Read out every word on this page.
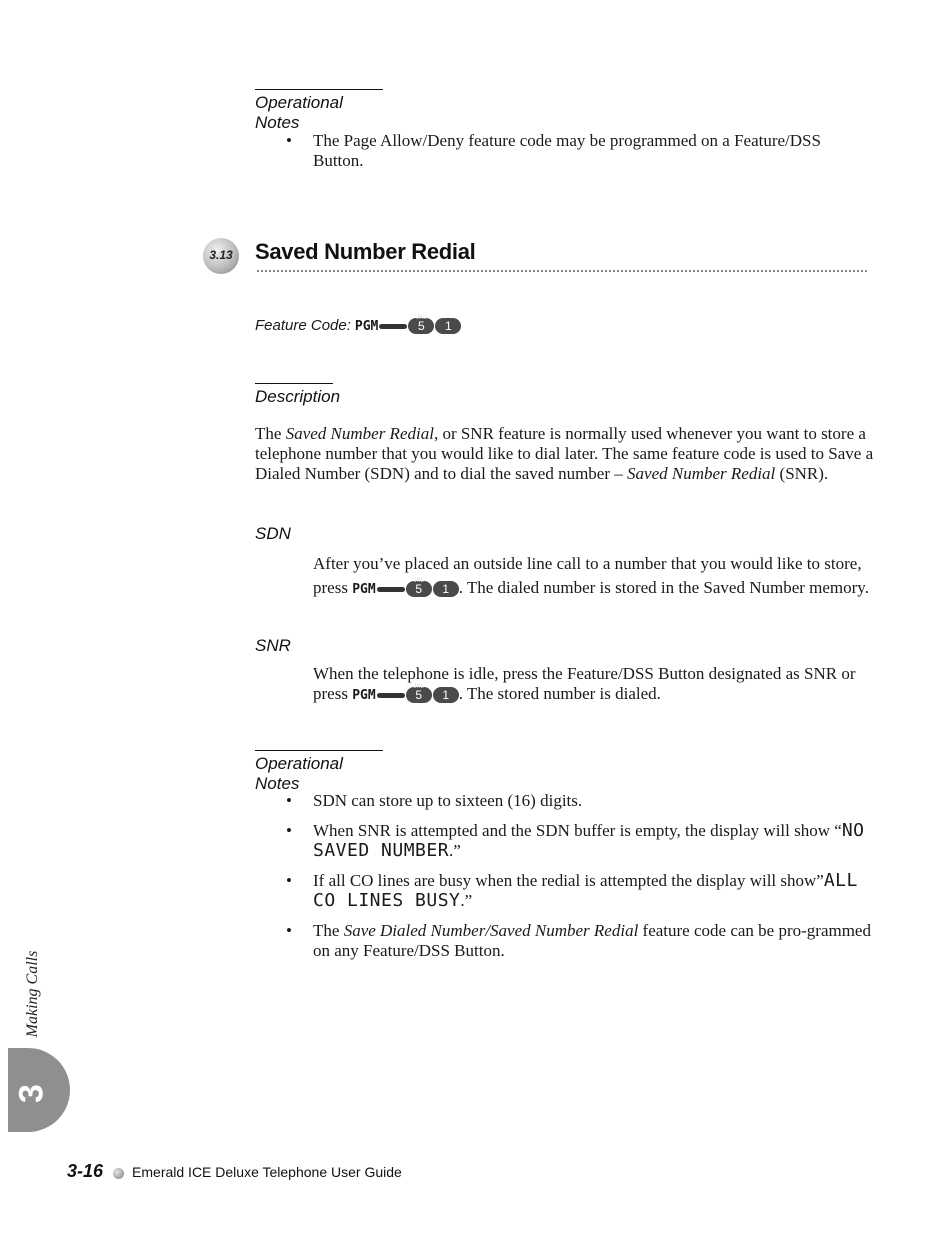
Operational Notes
• The Page Allow/Deny feature code may be programmed on a Feature/DSS Button.
3.13 Saved Number Redial
Feature Code: PGM
JKL
5 1
Description
The Saved Number Redial, or SNR feature is normally used whenever you want to store a telephone number that you would like to dial later. The same feature code is used to Save a Dialed Number (SDN) and to dial the saved number – Saved Number Redial (SNR).
SDN
After you’ve placed an outside line call to a number that you would like to store, press PGM
JKL
5 1 . The dialed number is stored in the Saved Number memory.
SNR
When the telephone is idle, press the Feature/DSS Button designated as SNR or press PGM
JKL
5 1 . The stored number is dialed.
Operational Notes
• SDN can store up to sixteen (16) digits.
• When SNR is attempted and the SDN buffer is empty, the display will show “NO SAVED NUMBER.”
• If all CO lines are busy when the redial is attempted the display will show”ALL CO LINES BUSY.”
• The Save Dialed Number/Saved Number Redial feature code can be pro-grammed on any Feature/DSS Button.
3
Making Calls
3-16 Emerald ICE Deluxe Telephone User Guide
